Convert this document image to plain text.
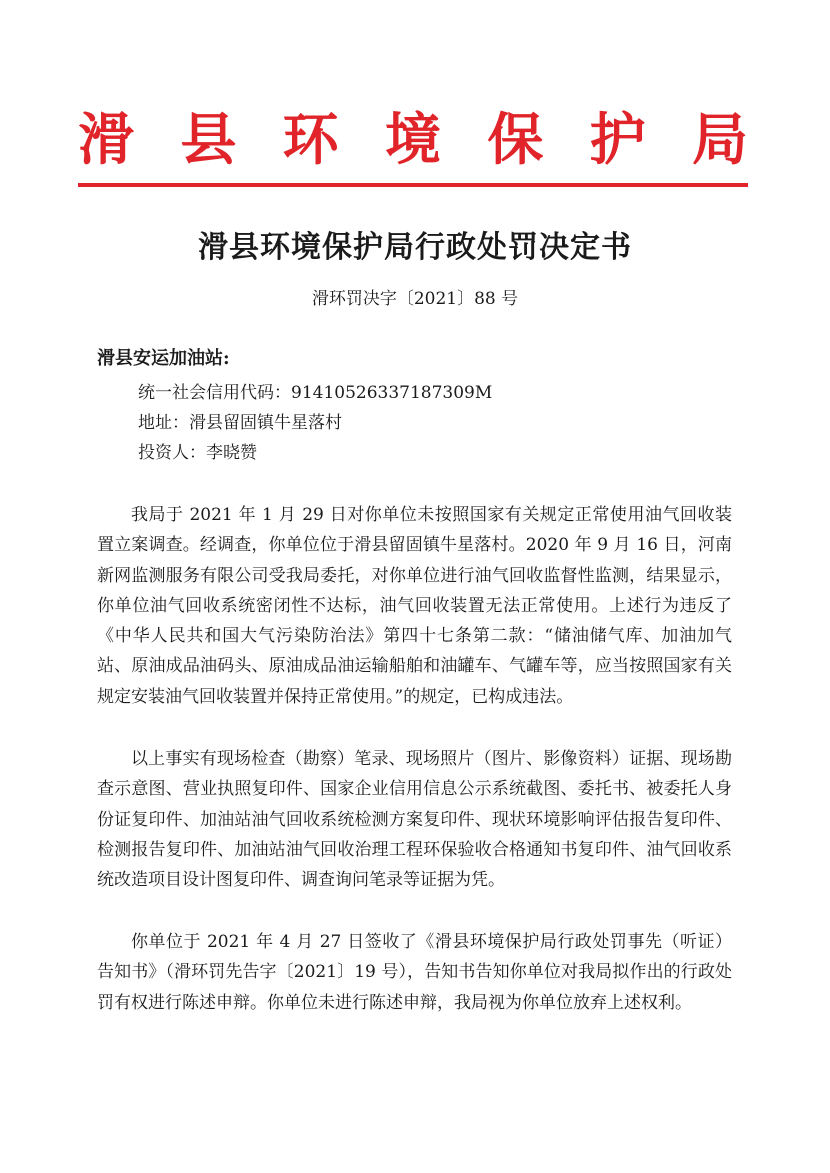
滑 县 环 境 保 护 局
滑县环境保护局行政处罚决定书
滑环罚决字〔2021〕88 号
滑县安运加油站:
统一社会信用代码：91410526337187309M
地址：滑县留固镇牛星落村
投资人：李晓赞

我局于 2021 年 1 月 29 日对你单位未按照国家有关规定正常使用油气回收装置立案调查。经调查，你单位位于滑县留固镇牛星落村。2020 年 9 月 16 日，河南新网监测服务有限公司受我局委托，对你单位进行油气回收监督性监测，结果显示，你单位油气回收系统密闭性不达标，油气回收装置无法正常使用。上述行为违反了《中华人民共和国大气污染防治法》第四十七条第二款：“储油储气库、加油加气站、原油成品油码头、原油成品油运输船舶和油罐车、气罐车等，应当按照国家有关规定安装油气回收装置并保持正常使用。”的规定，已构成违法。

以上事实有现场检查（勘察）笔录、现场照片（图片、影像资料）证据、现场勘查示意图、营业执照复印件、国家企业信用信息公示系统截图、委托书、被委托人身份证复印件、加油站油气回收系统检测方案复印件、现状环境影响评估报告复印件、检测报告复印件、加油站油气回收治理工程环保验收合格通知书复印件、油气回收系统改造项目设计图复印件、调查询问笔录等证据为凭。

你单位于 2021 年 4 月 27 日签收了《滑县环境保护局行政处罚事先（听证）告知书》（滑环罚先告字〔2021〕19 号），告知书告知你单位对我局拟作出的行政处罚有权进行陈述申辩。你单位未进行陈述申辩，我局视为你单位放弃上述权利。
